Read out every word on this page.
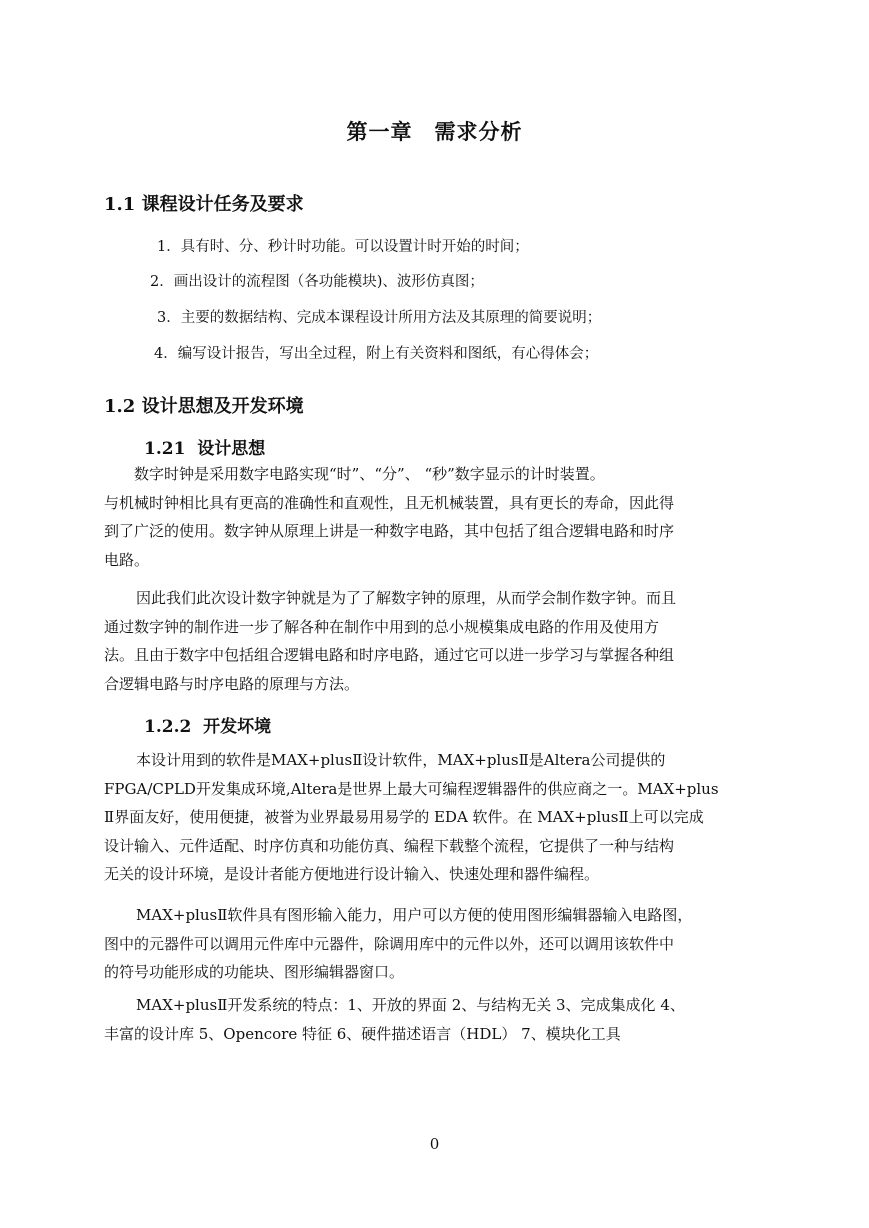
第一章　需求分析
1.1 课程设计任务及要求
1．具有时、分、秒计时功能。可以设置计时开始的时间；
2．画出设计的流程图（各功能模块)、波形仿真图；
3．主要的数据结构、完成本课程设计所用方法及其原理的简要说明；
4．编写设计报告，写出全过程，附上有关资料和图纸，有心得体会；
1.2 设计思想及开发环境
1.21  设计思想
　　数字时钟是采用数字电路实现“时”、“分”、 “秒”数字显示的计时装置。
与机械时钟相比具有更高的准确性和直观性，且无机械装置，具有更长的寿命，因此得
到了广泛的使用。数字钟从原理上讲是一种数字电路，其中包括了组合逻辑电路和时序
电路。
因此我们此次设计数字钟就是为了了解数字钟的原理，从而学会制作数字钟。而且
通过数字钟的制作进一步了解各种在制作中用到的总小规模集成电路的作用及使用方
法。且由于数字中包括组合逻辑电路和时序电路，通过它可以进一步学习与掌握各种组
合逻辑电路与时序电路的原理与方法。
1.2.2  开发坏境
本设计用到的软件是MAX+plusⅡ设计软件，MAX+plusⅡ是Altera公司提供的
FPGA/CPLD开发集成环境,Altera是世界上最大可编程逻辑器件的供应商之一。MAX+plus
Ⅱ界面友好，使用便捷，被誉为业界最易用易学的 EDA 软件。在 MAX+plusⅡ上可以完成
设计输入、元件适配、时序仿真和功能仿真、编程下载整个流程，它提供了一种与结构
无关的设计环境，是设计者能方便地进行设计输入、快速处理和器件编程。
MAX+plusⅡ软件具有图形输入能力，用户可以方便的使用图形编辑器输入电路图，
图中的元器件可以调用元件库中元器件，除调用库中的元件以外，还可以调用该软件中
的符号功能形成的功能块、图形编辑器窗口。
MAX+plusⅡ开发系统的特点：1、开放的界面 2、与结构无关 3、完成集成化 4、
丰富的设计库 5、Opencore 特征 6、硬件描述语言（HDL） 7、模块化工具
0
